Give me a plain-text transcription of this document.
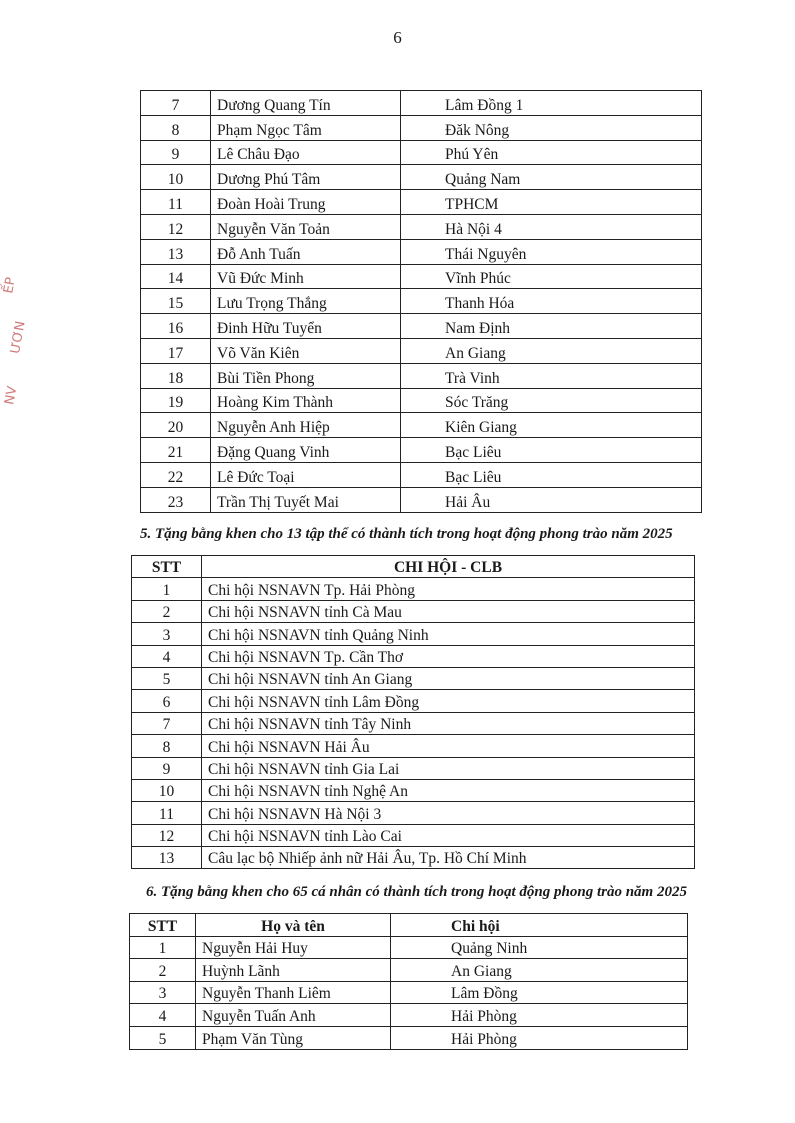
6
ẾP
ƯƠN
NV
7	Dương Quang Tín	Lâm Đồng 1
8	Phạm Ngọc Tâm	Đăk Nông
9	Lê Châu Đạo	Phú Yên
10	Dương Phú Tâm	Quảng Nam
11	Đoàn Hoài Trung	TPHCM
12	Nguyễn Văn Toản	Hà Nội 4
13	Đỗ Anh Tuấn	Thái Nguyên
14	Vũ Đức Minh	Vĩnh Phúc
15	Lưu Trọng Thắng	Thanh Hóa
16	Đinh Hữu Tuyển	Nam Định
17	Võ Văn Kiên	An Giang
18	Bùi Tiền Phong	Trà Vinh
19	Hoàng Kim Thành	Sóc Trăng
20	Nguyễn Anh Hiệp	Kiên Giang
21	Đặng Quang Vinh	Bạc Liêu
22	Lê Đức Toại	Bạc Liêu
23	Trần Thị Tuyết Mai	Hải Âu
5. Tặng bằng khen cho 13 tập thể có thành tích trong hoạt động phong trào năm 2025
STT	CHI HỘI - CLB
1	Chi hội NSNAVN Tp. Hải Phòng
2	Chi hội NSNAVN tỉnh Cà Mau
3	Chi hội NSNAVN tỉnh Quảng Ninh
4	Chi hội NSNAVN Tp. Cần Thơ
5	Chi hội NSNAVN tỉnh An Giang
6	Chi hội NSNAVN tỉnh Lâm Đồng
7	Chi hội NSNAVN tỉnh Tây Ninh
8	Chi hội NSNAVN Hải Âu
9	Chi hội NSNAVN tỉnh Gia Lai
10	Chi hội NSNAVN tỉnh Nghệ An
11	Chi hội NSNAVN Hà Nội 3
12	Chi hội NSNAVN tỉnh Lào Cai
13	Câu lạc bộ Nhiếp ảnh nữ Hải Âu, Tp. Hồ Chí Minh
6. Tặng bằng khen cho 65 cá nhân có thành tích trong hoạt động phong trào năm 2025
STT	Họ và tên	Chi hội
1	Nguyễn Hải Huy	Quảng Ninh
2	Huỳnh Lãnh	An Giang
3	Nguyễn Thanh Liêm	Lâm Đồng
4	Nguyễn Tuấn Anh	Hải Phòng
5	Phạm Văn Tùng	Hải Phòng
